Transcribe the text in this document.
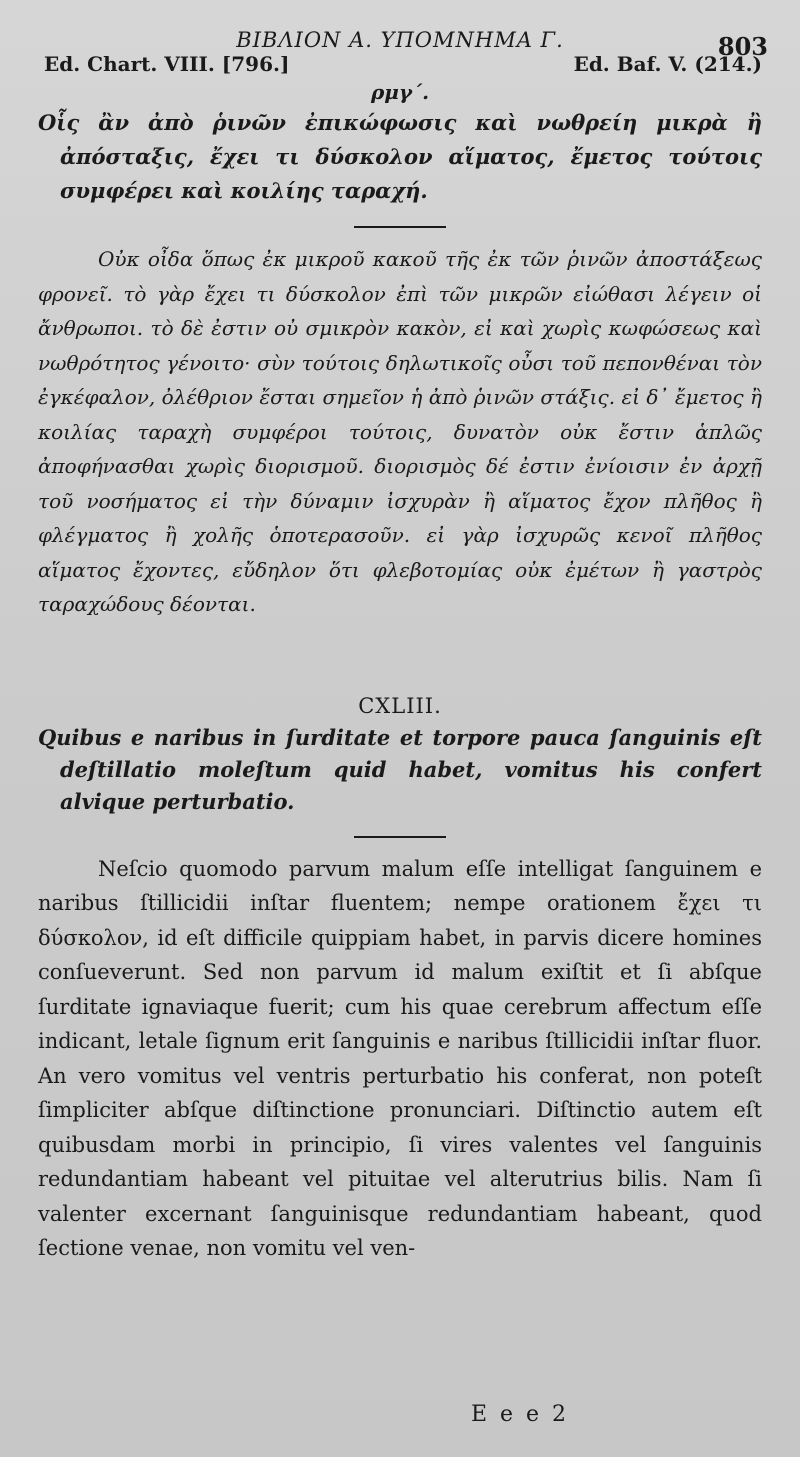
ΒΙΒΛΙΟΝ Α. ΥΠΟΜΝΗΜΑ Γ.	803
Ed. Chart. VIII. [796.]	Ed. Baf. V. (214.)
ρμγ΄.

Οἷς ἂν ἀπὸ ῥινῶν ἐπικώφωσις καὶ νωθρείη μικρὰ ἢ ἀπόσταξις, ἔχει τι δύσκολον αἵματος, ἔμετος τούτοις συμφέρει καὶ κοιλίης ταραχή.

Οὐκ οἶδα ὅπως ἐκ μικροῦ κακοῦ τῆς ἐκ τῶν ῥινῶν ἀποστάξεως φρονεῖ. τὸ γὰρ ἔχει τι δύσκολον ἐπὶ τῶν μικρῶν εἰώθασι λέγειν οἱ ἄνθρωποι. τὸ δὲ ἐστιν οὐ σμικρὸν κακὸν, εἰ καὶ χωρὶς κωφώσεως καὶ νωθρότητος γένοιτο· σὺν τούτοις δηλωτικοῖς οὖσι τοῦ πεπονθέναι τὸν ἐγκέφαλον, ὀλέθριον ἔσται σημεῖον ἡ ἀπὸ ῥινῶν στάξις. εἰ δ᾽ ἔμετος ἢ κοιλίας ταραχὴ συμφέροι τούτοις, δυνατὸν οὐκ ἔστιν ἁπλῶς ἀποφήνασθαι χωρὶς διορισμοῦ. διορισμὸς δέ ἐστιν ἐνίοισιν ἐν ἀρχῇ τοῦ νοσήματος εἰ τὴν δύναμιν ἰσχυρὰν ἢ αἵματος ἔχον πλῆθος ἢ φλέγματος ἢ χολῆς ὁποτερασοῦν. εἰ γὰρ ἰσχυρῶς κενοῖ πλῆθος αἵματος ἔχοντες, εὔδηλον ὅτι φλεβοτομίας οὐκ ἐμέτων ἢ γαστρὸς ταραχώδους δέονται.

CXLIII.

Quibus e naribus in ſurditate et torpore pauca ſanguinis eſt deſtillatio moleſtum quid habet, vomitus his confert alvique perturbatio.

Neſcio quomodo parvum malum eſſe intelligat ſanguinem e naribus ſtillicidii inſtar fluentem; nempe orationem ἔχει τι δύσκολον, id eſt difficile quippiam habet, in parvis dicere homines conſueverunt. Sed non parvum id malum exiſtit et ſi abſque ſurditate ignaviaque fuerit; cum his quae cerebrum affectum eſſe indicant, letale ſignum erit ſanguinis e naribus ſtillicidii inſtar fluor. An vero vomitus vel ventris perturbatio his conferat, non poteſt ſimpliciter abſque diſtinctione pronunciari. Diſtinctio autem eſt quibusdam morbi in principio, ſi vires valentes vel ſanguinis redundantiam habeant vel pituitae vel alterutrius bilis. Nam ſi valenter excernant ſanguinisque redundantiam habeant, quod ſectione venae, non vomitu vel ven-

E e e 2
